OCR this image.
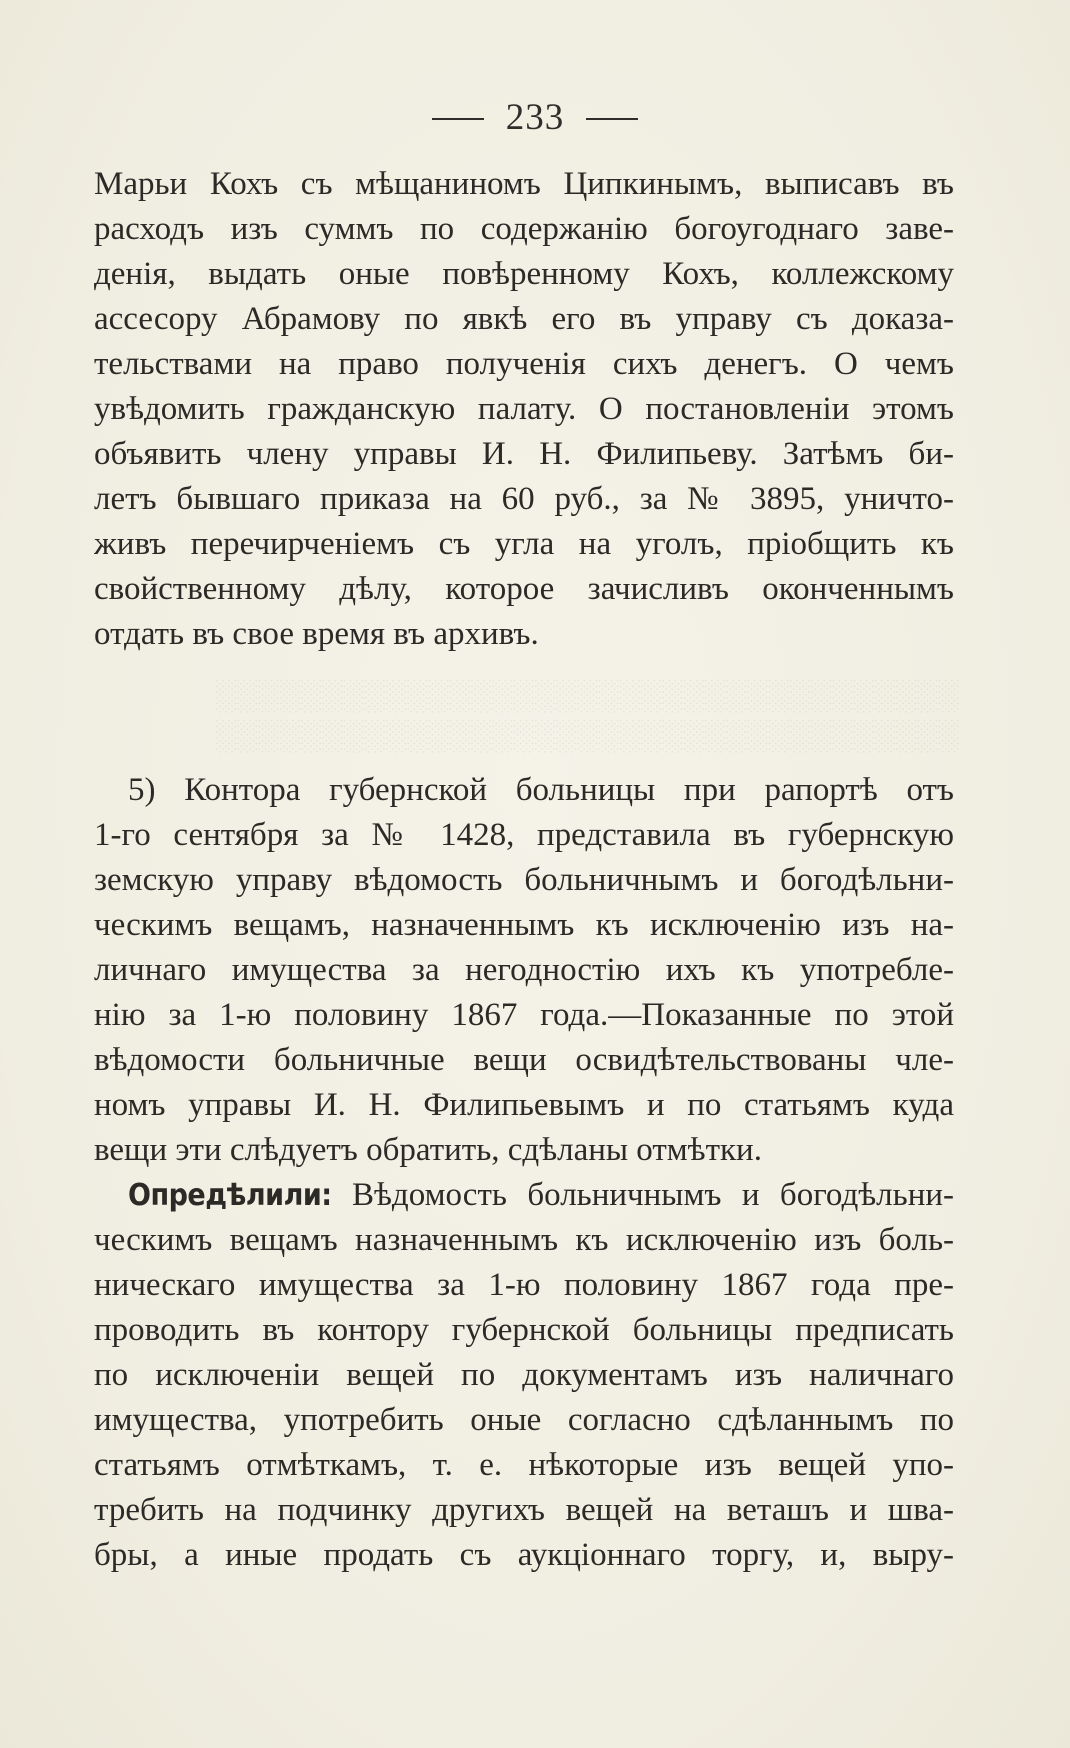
233
Марьи Кохъ съ мѣщаниномъ Ципкинымъ, выписавъ въ
расходъ изъ суммъ по содержанію богоугоднаго заве-
денія, выдать оные повѣренному Кохъ, коллежскому
ассесору Абрамову по явкѣ его въ управу съ доказа-
тельствами на право полученія сихъ денегъ. О чемъ
увѣдомить гражданскую палату. О постановленіи этомъ
объявить члену управы И. Н. Филипьеву. Затѣмъ би-
летъ бывшаго приказа на 60 руб., за № 3895, уничто-
живъ перечирченіемъ съ угла на уголъ, пріобщить къ
свойственному дѣлу, которое зачисливъ оконченнымъ
отдать въ свое время въ архивъ.
░░░░░░░░░░░░░░░░░░░░░░░░░░░░░░░░░░░
░░░░░░░░░░░░░░░░░░░░░░░░░░░░░░░░░░░
5) Контора губернской больницы при рапортѣ отъ
1-го сентября за № 1428, представила въ губернскую
земскую управу вѣдомость больничнымъ и богодѣльни-
ческимъ вещамъ, назначеннымъ къ исключенію изъ на-
личнаго имущества за негодностію ихъ къ употребле-
нію за 1-ю половину 1867 года.—Показанные по этой
вѣдомости больничные вещи освидѣтельствованы чле-
номъ управы И. Н. Филипьевымъ и по статьямъ куда
вещи эти слѣдуетъ обратить, сдѣланы отмѣтки.
Опредѣлили: Вѣдомость больничнымъ и богодѣльни-
ческимъ вещамъ назначеннымъ къ исключенію изъ боль-
ническаго имущества за 1-ю половину 1867 года пре-
проводить въ контору губернской больницы предписать
по исключеніи вещей по документамъ изъ наличнаго
имущества, употребить оные согласно сдѣланнымъ по
статьямъ отмѣткамъ, т. е. нѣкоторые изъ вещей упо-
требить на подчинку другихъ вещей на веташъ и шва-
бры, а иные продать съ аукціоннаго торгу, и, выру-
